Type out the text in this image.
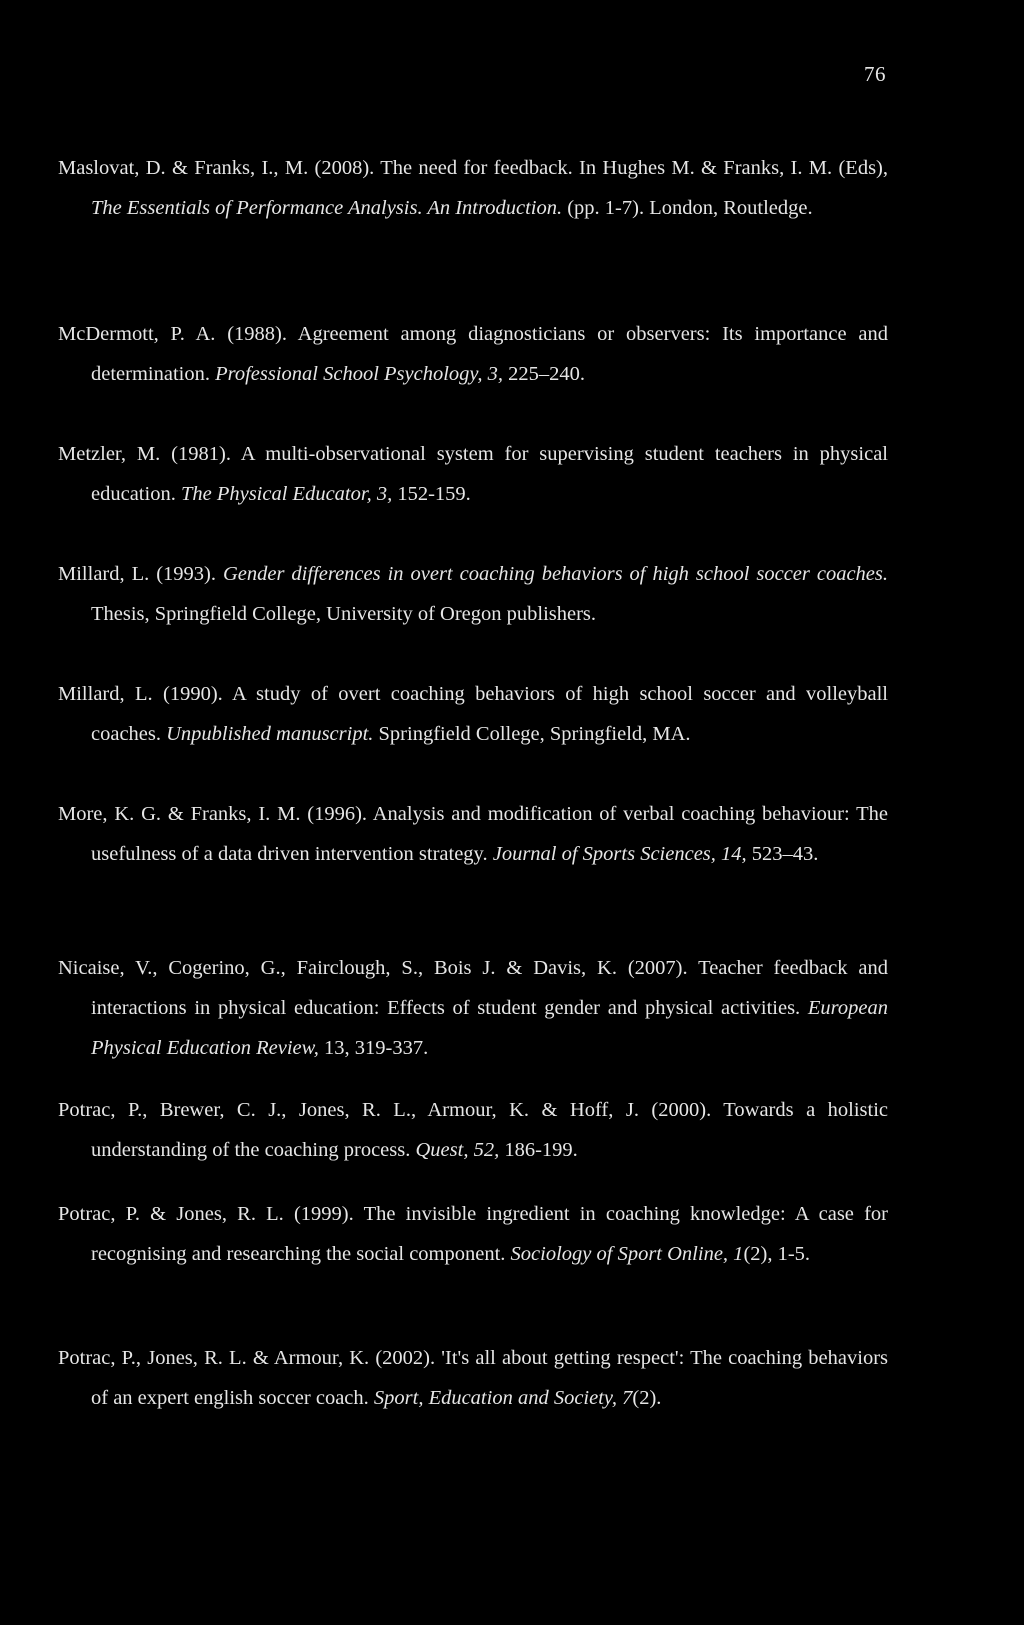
76

Maslovat, D. & Franks, I., M. (2008). The need for feedback. In Hughes M. & Franks, I. M. (Eds), The Essentials of Performance Analysis. An Introduction. (pp. 1-7). London, Routledge.

McDermott, P. A. (1988). Agreement among diagnosticians or observers: Its importance and determination. Professional School Psychology, 3, 225–240.

Metzler, M. (1981). A multi-observational system for supervising student teachers in physical education. The Physical Educator, 3, 152-159.

Millard, L. (1993). Gender differences in overt coaching behaviors of high school soccer coaches. Thesis, Springfield College, University of Oregon publishers.

Millard, L. (1990). A study of overt coaching behaviors of high school soccer and volleyball coaches. Unpublished manuscript. Springfield College, Springfield, MA.

More, K. G. & Franks, I. M. (1996). Analysis and modification of verbal coaching behaviour: The usefulness of a data driven intervention strategy. Journal of Sports Sciences, 14, 523–43.

Nicaise, V., Cogerino, G., Fairclough, S., Bois J. & Davis, K. (2007). Teacher feedback and interactions in physical education: Effects of student gender and physical activities. European Physical Education Review, 13, 319-337.

Potrac, P., Brewer, C. J., Jones, R. L., Armour, K. & Hoff, J. (2000). Towards a holistic understanding of the coaching process. Quest, 52, 186-199.

Potrac, P. & Jones, R. L. (1999). The invisible ingredient in coaching knowledge: A case for recognising and researching the social component. Sociology of Sport Online, 1(2), 1-5.

Potrac, P., Jones, R. L. & Armour, K. (2002). 'It's all about getting respect': The coaching behaviors of an expert english soccer coach. Sport, Education and Society, 7(2).
